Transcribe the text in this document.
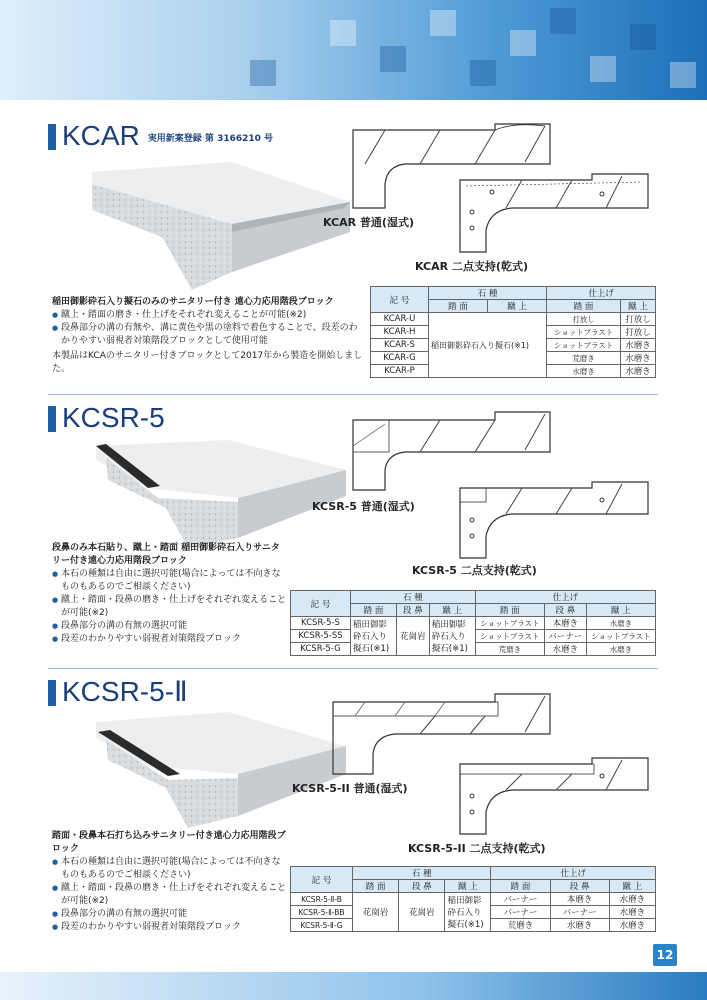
KCAR 実用新案登録 第 3166210 号
KCAR 普通(湿式)
KCAR 二点支持(乾式)
稲田御影砕石入り擬石のみのサニタリー付き 遠心力応用階段ブロック
● 蹴上・踏面の磨き・仕上げをそれぞれ変えることが可能(※2)
● 段鼻部分の溝の有無や、溝に黄色や黒の塗料で着色することで、段差のわかりやすい弱視者対策階段ブロックとして使用可能
本製品はKCAのサニタリー付きブロックとして2017年から製造を開始しました。
記 号	石 種		仕上げ	
	踏 面	蹴 上	踏 面	蹴 上
KCAR-U	稲田御影砕石入り擬石(※1)		打放し	打放し
KCAR-H			ショットブラスト	打放し
KCAR-S			ショットブラスト	水磨き
KCAR-G			荒磨き	水磨き
KCAR-P			水磨き	水磨き
KCSR-5
KCSR-5 普通(湿式)
KCSR-5 二点支持(乾式)
段鼻のみ本石貼り、蹴上・踏面 稲田御影砕石入りサニタリー付き遠心力応用階段ブロック
● 本石の種類は自由に選択可能(場合によっては不向きなものもあるのでご相談ください)
● 蹴上・踏面・段鼻の磨き・仕上げをそれぞれ変えることが可能(※2)
● 段鼻部分の溝の有無の選択可能
● 段差のわかりやすい弱視者対策階段ブロック
記 号	石 種			仕上げ		
	踏 面	段 鼻	蹴 上	踏 面	段 鼻	蹴 上
KCSR-5-S	稲田御影砕石入り擬石(※1)	花崗岩	稲田御影砕石入り擬石(※1)	ショットブラスト	本磨き	水磨き
KCSR-5-SS				ショットブラスト	バーナー	ショットブラスト
KCSR-5-G				荒磨き	水磨き	水磨き
KCSR-5-Ⅱ
KCSR-5-II 普通(湿式)
KCSR-5-II 二点支持(乾式)
踏面・段鼻本石打ち込みサニタリー付き遠心力応用階段ブロック
● 本石の種類は自由に選択可能(場合によっては不向きなものもあるのでご相談ください)
● 蹴上・踏面・段鼻の磨き・仕上げをそれぞれ変えることが可能(※2)
● 段鼻部分の溝の有無の選択可能
● 段差のわかりやすい弱視者対策階段ブロック
記 号	石 種			仕上げ		
	踏 面	段 鼻	蹴 上	踏 面	段 鼻	蹴 上
KCSR-5-Ⅱ-B	花崗岩	花崗岩	稲田御影砕石入り擬石(※1)	バーナー	本磨き	水磨き
KCSR-5-Ⅱ-BB				バーナー	バーナー	水磨き
KCSR-5-Ⅱ-G				荒磨き	水磨き	水磨き
12
